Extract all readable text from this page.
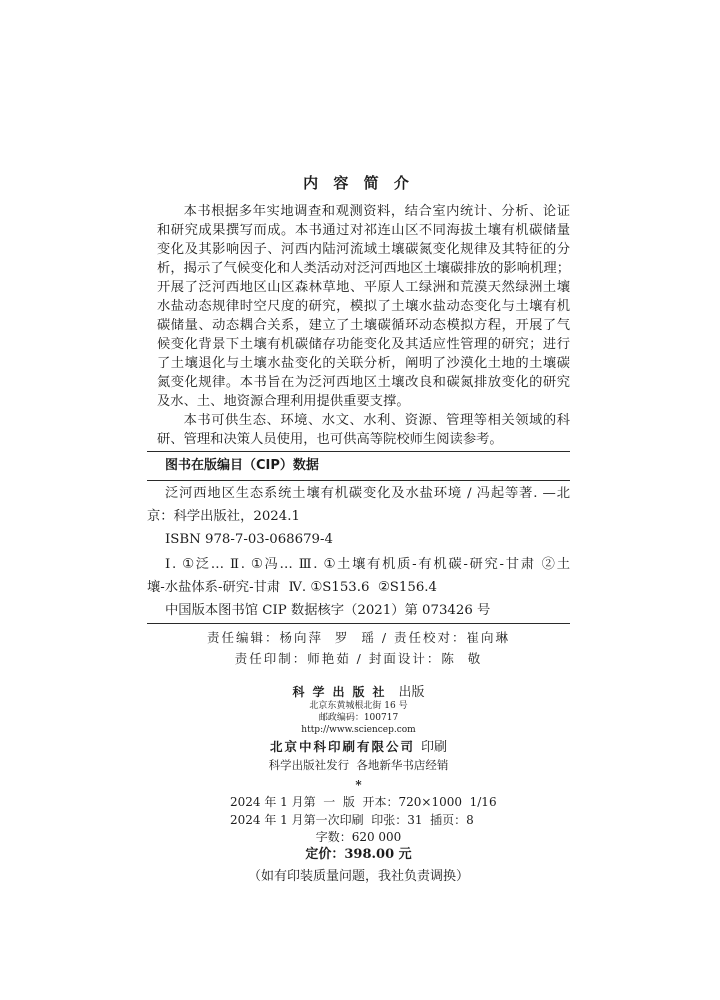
内 容 简 介
本书根据多年实地调查和观测资料，结合室内统计、分析、论证
和研究成果撰写而成。本书通过对祁连山区不同海拔土壤有机碳储量
变化及其影响因子、河西内陆河流域土壤碳氮变化规律及其特征的分
析，揭示了气候变化和人类活动对泛河西地区土壤碳排放的影响机理；
开展了泛河西地区山区森林草地、平原人工绿洲和荒漠天然绿洲土壤
水盐动态规律时空尺度的研究，模拟了土壤水盐动态变化与土壤有机
碳储量、动态耦合关系，建立了土壤碳循环动态模拟方程，开展了气
候变化背景下土壤有机碳储存功能变化及其适应性管理的研究；进行
了土壤退化与土壤水盐变化的关联分析，阐明了沙漠化土地的土壤碳
氮变化规律。本书旨在为泛河西地区土壤改良和碳氮排放变化的研究
及水、土、地资源合理利用提供重要支撑。
本书可供生态、环境、水文、水利、资源、管理等相关领域的科
研、管理和决策人员使用，也可供高等院校师生阅读参考。
图书在版编目（CIP）数据
泛河西地区生态系统土壤有机碳变化及水盐环境 / 冯起等著. —北
京：科学出版社，2024.1
ISBN 978-7-03-068679-4
Ⅰ. ①泛… Ⅱ. ①冯… Ⅲ. ①土壤有机质-有机碳-研究-甘肃 ②土
壤-水盐体系-研究-甘肃  Ⅳ. ①S153.6  ②S156.4
中国版本图书馆 CIP 数据核字（2021）第 073426 号
责任编辑：杨向萍  罗  瑶 / 责任校对：崔向琳
责任印制：师艳茹 / 封面设计：陈  敬
科学出版社 出版
北京东黄城根北街 16 号
邮政编码：100717
http://www.sciencep.com
北京中科印刷有限公司 印刷
科学出版社发行  各地新华书店经销
*
2024 年 1 月第  一  版  开本：720×1000  1/16
2024 年 1 月第一次印刷  印张：31  插页：8
字数：620 000
定价：398.00 元
（如有印装质量问题，我社负责调换）
